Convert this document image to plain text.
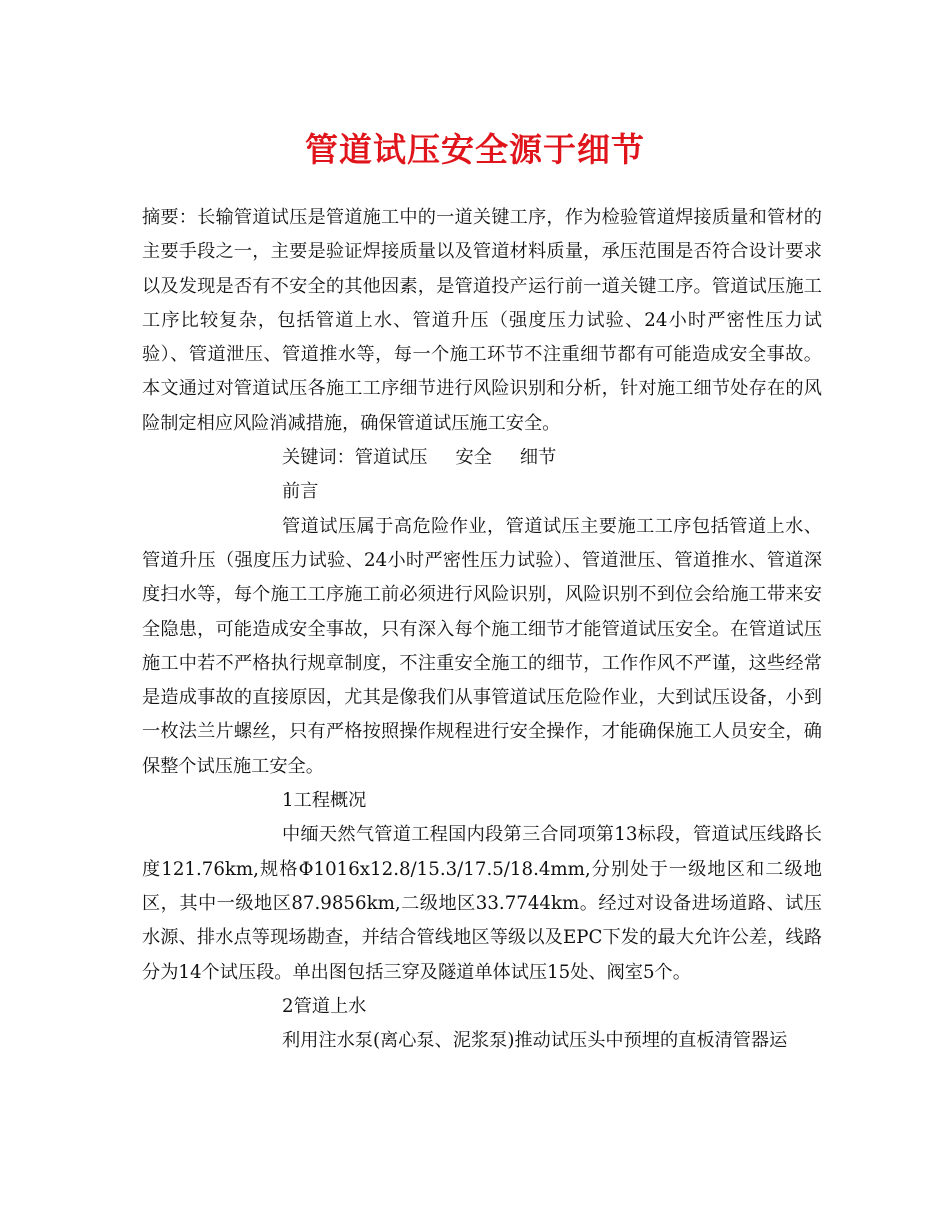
管道试压安全源于细节

摘要：长输管道试压是管道施工中的一道关键工序，作为检验管道焊接质量和管材的主要手段之一，主要是验证焊接质量以及管道材料质量，承压范围是否符合设计要求以及发现是否有不安全的其他因素，是管道投产运行前一道关键工序。管道试压施工工序比较复杂，包括管道上水、管道升压（强度压力试验、24小时严密性压力试验）、管道泄压、管道推水等，每一个施工环节不注重细节都有可能造成安全事故。本文通过对管道试压各施工工序细节进行风险识别和分析，针对施工细节处存在的风险制定相应风险消减措施，确保管道试压施工安全。

关键词：管道试压 安全 细节

前言

管道试压属于高危险作业，管道试压主要施工工序包括管道上水、管道升压（强度压力试验、24小时严密性压力试验）、管道泄压、管道推水、管道深度扫水等，每个施工工序施工前必须进行风险识别，风险识别不到位会给施工带来安全隐患，可能造成安全事故，只有深入每个施工细节才能管道试压安全。在管道试压施工中若不严格执行规章制度，不注重安全施工的细节，工作作风不严谨，这些经常是造成事故的直接原因，尤其是像我们从事管道试压危险作业，大到试压设备，小到一枚法兰片螺丝，只有严格按照操作规程进行安全操作，才能确保施工人员安全，确保整个试压施工安全。

1工程概况

中缅天然气管道工程国内段第三合同项第13标段，管道试压线路长度121.76km,规格Φ1016x12.8/15.3/17.5/18.4mm,分别处于一级地区和二级地区，其中一级地区87.9856km,二级地区33.7744km。经过对设备进场道路、试压水源、排水点等现场勘查，并结合管线地区等级以及EPC下发的最大允许公差，线路分为14个试压段。单出图包括三穿及隧道单体试压15处、阀室5个。

2管道上水

利用注水泵(离心泵、泥浆泵)推动试压头中预埋的直板清管器运
